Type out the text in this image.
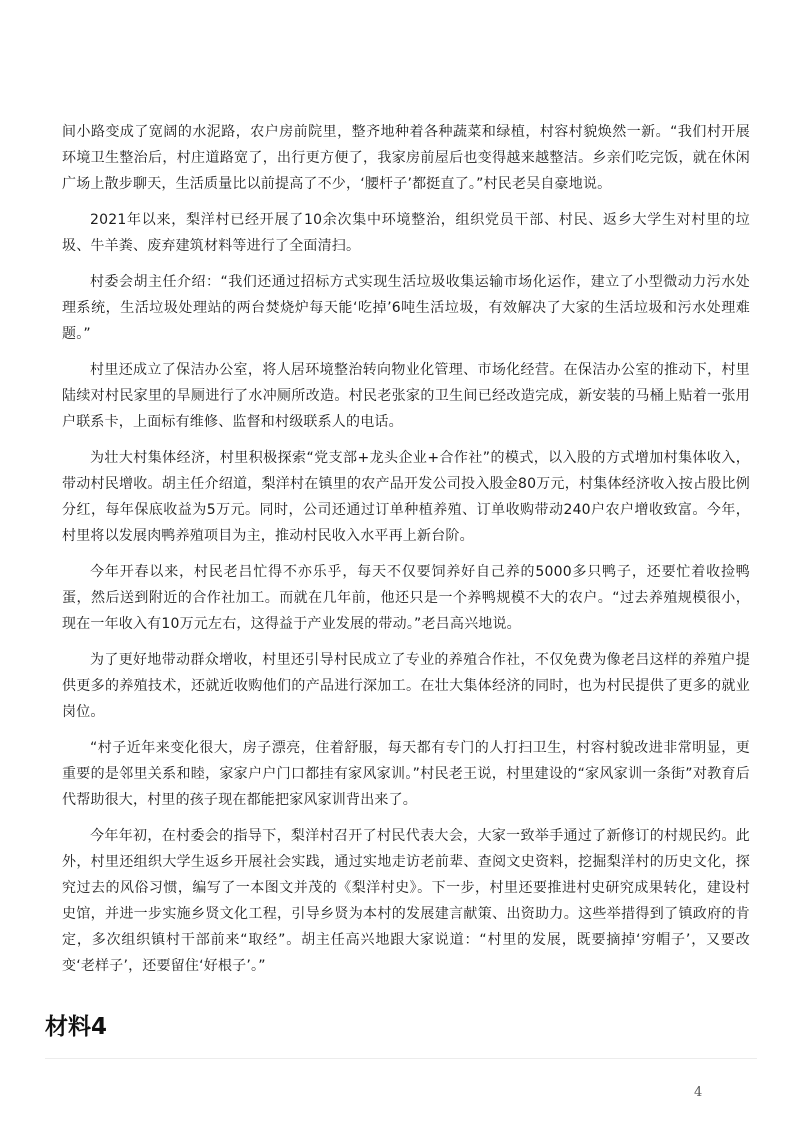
间小路变成了宽阔的水泥路，农户房前院里，整齐地种着各种蔬菜和绿植，村容村貌焕然一新。“我们村开展环境卫生整治后，村庄道路宽了，出行更方便了，我家房前屋后也变得越来越整洁。乡亲们吃完饭，就在休闲广场上散步聊天，生活质量比以前提高了不少，‘腰杆子’都挺直了。”村民老吴自豪地说。

2021年以来，梨洋村已经开展了10余次集中环境整治，组织党员干部、村民、返乡大学生对村里的垃圾、牛羊粪、废弃建筑材料等进行了全面清扫。

村委会胡主任介绍：“我们还通过招标方式实现生活垃圾收集运输市场化运作，建立了小型微动力污水处理系统，生活垃圾处理站的两台焚烧炉每天能‘吃掉’6吨生活垃圾，有效解决了大家的生活垃圾和污水处理难题。”

村里还成立了保洁办公室，将人居环境整治转向物业化管理、市场化经营。在保洁办公室的推动下，村里陆续对村民家里的旱厕进行了水冲厕所改造。村民老张家的卫生间已经改造完成，新安装的马桶上贴着一张用户联系卡，上面标有维修、监督和村级联系人的电话。

为壮大村集体经济，村里积极探索“党支部+龙头企业+合作社”的模式，以入股的方式增加村集体收入，带动村民增收。胡主任介绍道，梨洋村在镇里的农产品开发公司投入股金80万元，村集体经济收入按占股比例分红，每年保底收益为5万元。同时，公司还通过订单种植养殖、订单收购带动240户农户增收致富。今年，村里将以发展肉鸭养殖项目为主，推动村民收入水平再上新台阶。

今年开春以来，村民老吕忙得不亦乐乎，每天不仅要饲养好自己养的5000多只鸭子，还要忙着收捡鸭蛋，然后送到附近的合作社加工。而就在几年前，他还只是一个养鸭规模不大的农户。“过去养殖规模很小，现在一年收入有10万元左右，这得益于产业发展的带动。”老吕高兴地说。

为了更好地带动群众增收，村里还引导村民成立了专业的养殖合作社，不仅免费为像老吕这样的养殖户提供更多的养殖技术，还就近收购他们的产品进行深加工。在壮大集体经济的同时，也为村民提供了更多的就业岗位。

“村子近年来变化很大，房子漂亮，住着舒服，每天都有专门的人打扫卫生，村容村貌改进非常明显，更重要的是邻里关系和睦，家家户户门口都挂有家风家训。”村民老王说，村里建设的“家风家训一条街”对教育后代帮助很大，村里的孩子现在都能把家风家训背出来了。

今年年初，在村委会的指导下，梨洋村召开了村民代表大会，大家一致举手通过了新修订的村规民约。此外，村里还组织大学生返乡开展社会实践，通过实地走访老前辈、查阅文史资料，挖掘梨洋村的历史文化，探究过去的风俗习惯，编写了一本图文并茂的《梨洋村史》。下一步，村里还要推进村史研究成果转化，建设村史馆，并进一步实施乡贤文化工程，引导乡贤为本村的发展建言献策、出资助力。这些举措得到了镇政府的肯定，多次组织镇村干部前来“取经”。胡主任高兴地跟大家说道：“村里的发展，既要摘掉‘穷帽子’，又要改变‘老样子’，还要留住‘好根子’。”

材料4
4
